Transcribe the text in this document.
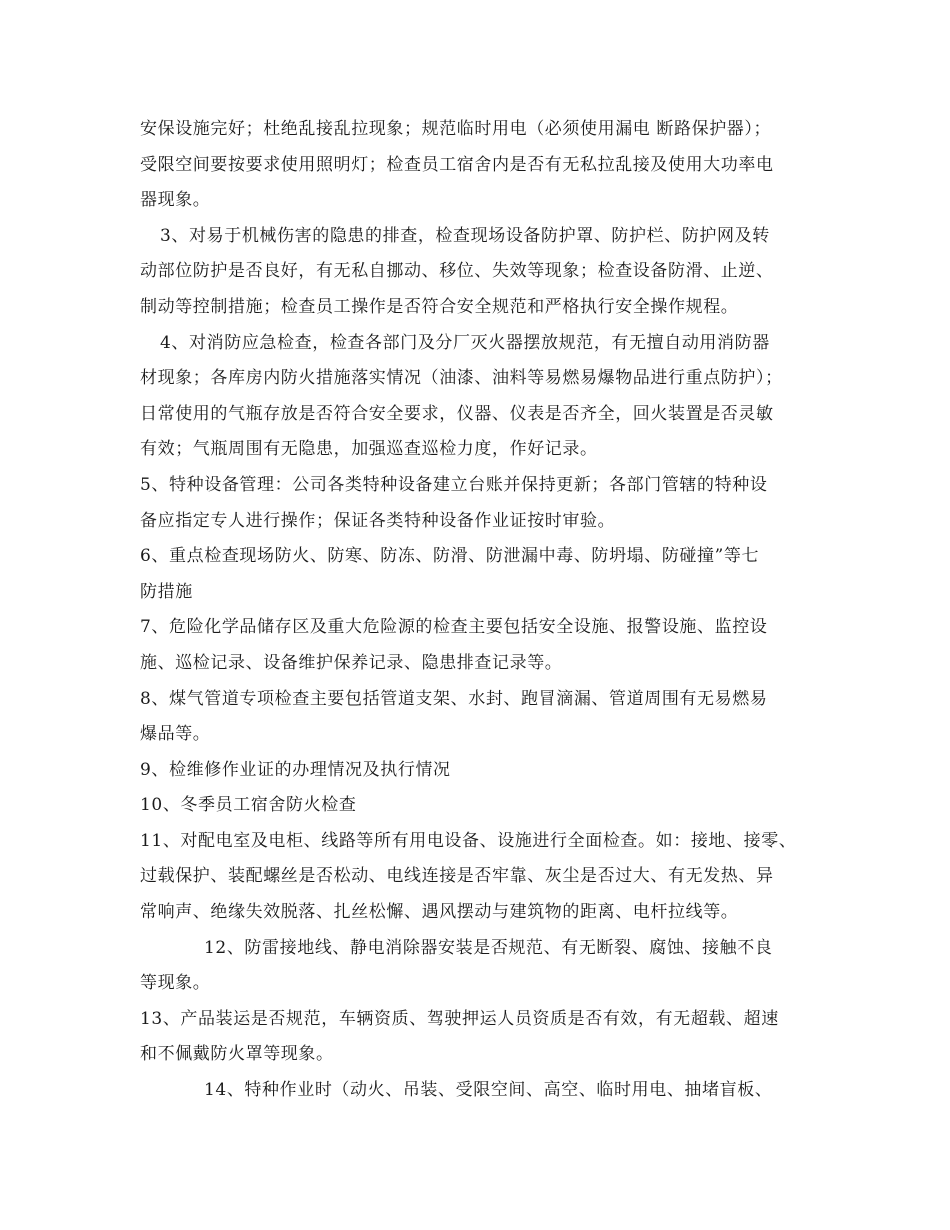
安保设施完好；杜绝乱接乱拉现象；规范临时用电（必须使用漏电 断路保护器）；
受限空间要按要求使用照明灯；检查员工宿舍内是否有无私拉乱接及使用大功率电
器现象。
3、对易于机械伤害的隐患的排查，检查现场设备防护罩、防护栏、防护网及转
动部位防护是否良好，有无私自挪动、移位、失效等现象；检查设备防滑、止逆、
制动等控制措施；检查员工操作是否符合安全规范和严格执行安全操作规程。
4、对消防应急检查，检查各部门及分厂灭火器摆放规范，有无擅自动用消防器
材现象；各库房内防火措施落实情况（油漆、油料等易燃易爆物品进行重点防护）；
日常使用的气瓶存放是否符合安全要求，仪器、仪表是否齐全，回火装置是否灵敏
有效；气瓶周围有无隐患，加强巡查巡检力度，作好记录。
5、特种设备管理：公司各类特种设备建立台账并保持更新；各部门管辖的特种设
备应指定专人进行操作；保证各类特种设备作业证按时审验。
6、重点检查现场防火、防寒、防冻、防滑、防泄漏中毒、防坍塌、防碰撞”等七
防措施
7、危险化学品储存区及重大危险源的检查主要包括安全设施、报警设施、监控设
施、巡检记录、设备维护保养记录、隐患排查记录等。
8、煤气管道专项检查主要包括管道支架、水封、跑冒滴漏、管道周围有无易燃易
爆品等。
9、检维修作业证的办理情况及执行情况
10、冬季员工宿舍防火检查
11、对配电室及电柜、线路等所有用电设备、设施进行全面检查。如：接地、接零、
过载保护、装配螺丝是否松动、电线连接是否牢靠、灰尘是否过大、有无发热、异
常响声、绝缘失效脱落、扎丝松懈、遇风摆动与建筑物的距离、电杆拉线等。
12、防雷接地线、静电消除器安装是否规范、有无断裂、腐蚀、接触不良
等现象。
13、产品装运是否规范，车辆资质、驾驶押运人员资质是否有效，有无超载、超速
和不佩戴防火罩等现象。
14、特种作业时（动火、吊装、受限空间、高空、临时用电、抽堵盲板、
